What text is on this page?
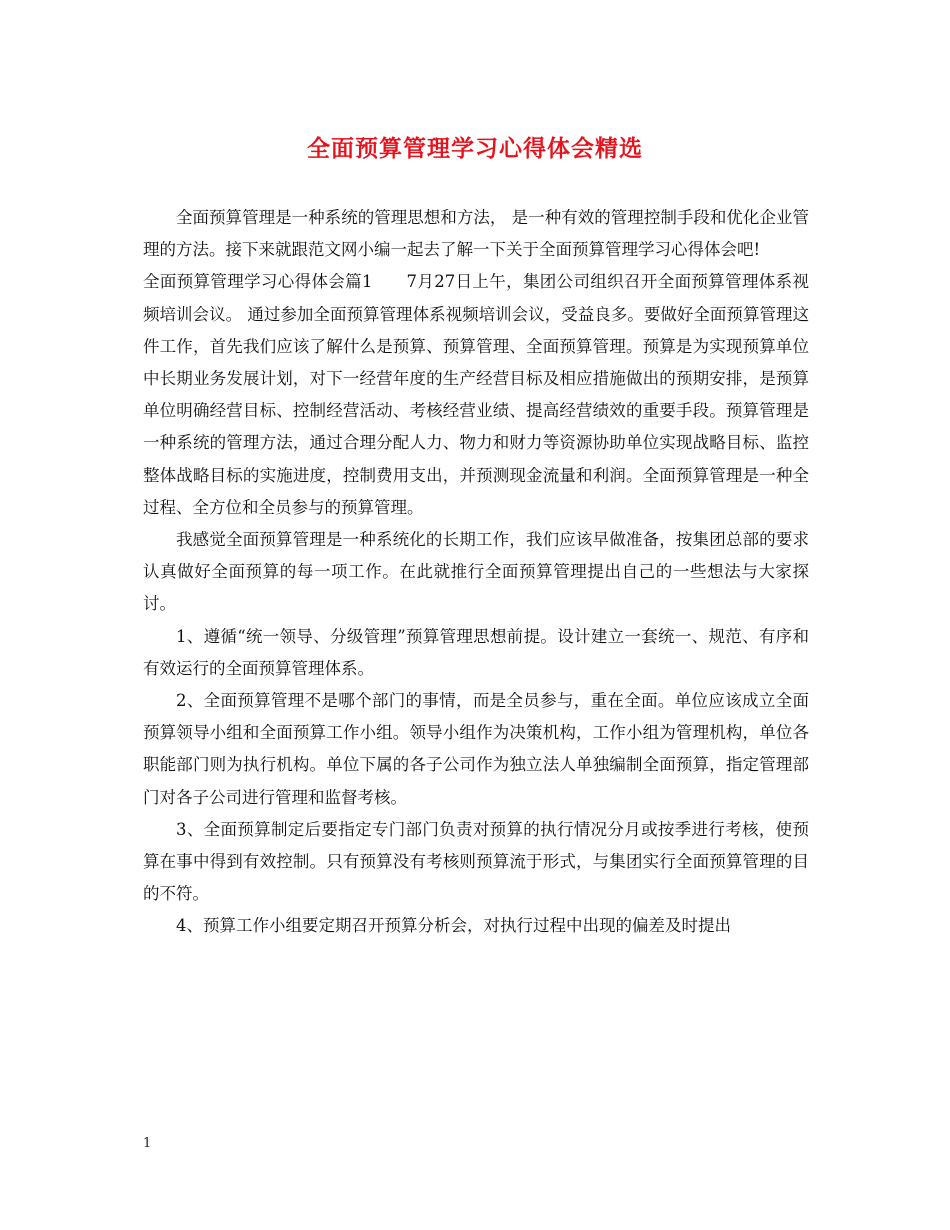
全面预算管理学习心得体会精选

全面预算管理是一种系统的管理思想和方法， 是一种有效的管理控制手段和优化企业管理的方法。接下来就跟范文网小编一起去了解一下关于全面预算管理学习心得体会吧!

全面预算管理学习心得体会篇1　　7月27日上午，集团公司组织召开全面预算管理体系视频培训会议。 通过参加全面预算管理体系视频培训会议，受益良多。要做好全面预算管理这件工作，首先我们应该了解什么是预算、预算管理、全面预算管理。预算是为实现预算单位中长期业务发展计划，对下一经营年度的生产经营目标及相应措施做出的预期安排，是预算单位明确经营目标、控制经营活动、考核经营业绩、提高经营绩效的重要手段。预算管理是一种系统的管理方法，通过合理分配人力、物力和财力等资源协助单位实现战略目标、监控整体战略目标的实施进度，控制费用支出，并预测现金流量和利润。全面预算管理是一种全过程、全方位和全员参与的预算管理。

我感觉全面预算管理是一种系统化的长期工作，我们应该早做准备，按集团总部的要求认真做好全面预算的每一项工作。在此就推行全面预算管理提出自己的一些想法与大家探讨。

1、遵循“统一领导、分级管理”预算管理思想前提。设计建立一套统一、规范、有序和有效运行的全面预算管理体系。

2、全面预算管理不是哪个部门的事情，而是全员参与，重在全面。单位应该成立全面预算领导小组和全面预算工作小组。领导小组作为决策机构，工作小组为管理机构，单位各职能部门则为执行机构。单位下属的各子公司作为独立法人单独编制全面预算，指定管理部门对各子公司进行管理和监督考核。

3、全面预算制定后要指定专门部门负责对预算的执行情况分月或按季进行考核，使预算在事中得到有效控制。只有预算没有考核则预算流于形式，与集团实行全面预算管理的目的不符。

4、预算工作小组要定期召开预算分析会，对执行过程中出现的偏差及时提出

1
